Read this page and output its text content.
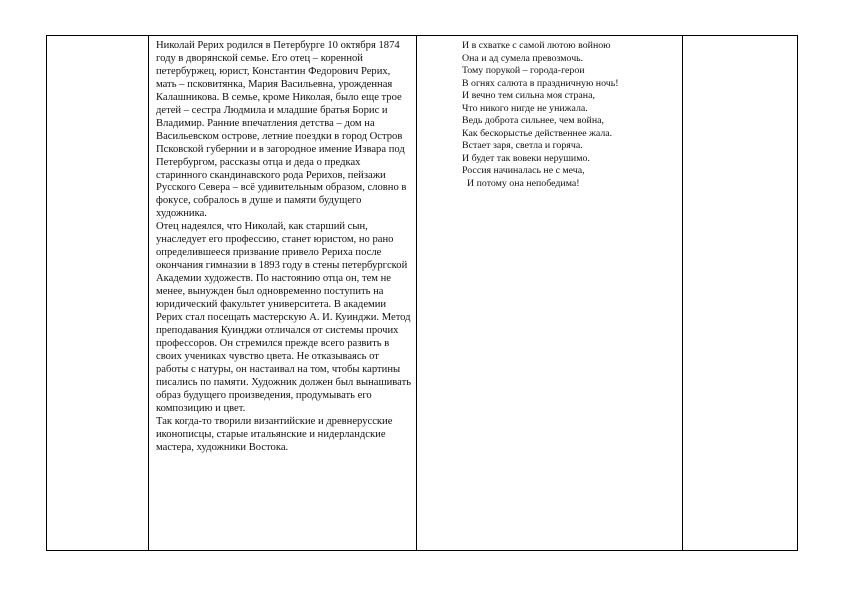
Николай Рерих родился в Петербурге 10 октября 1874 году в дворянской семье. Его отец – коренной петербуржец, юрист, Константин Федорович Рерих, мать – псковитянка, Мария Васильевна, урожденная Калашникова. В семье, кроме Николая, было еще трое детей – сестра Людмила и младшие братья Борис и Владимир. Ранние впечатления детства – дом на Васильевском острове, летние поездки в город Остров Псковской губернии и в загородное имение Извара под Петербургом, рассказы отца и деда о предках старинного скандинавского рода Рерихов, пейзажи Русского Севера – всё удивительным образом, словно в фокусе, собралось в душе и памяти будущего художника.

Отец надеялся, что Николай, как старший сын, унаследует его профессию, станет юристом, но рано определившееся призвание привело Рериха после окончания гимназии в 1893 году в стены петербургской Академии художеств. По настоянию отца он, тем не менее, вынужден был одновременно поступить на юридический факультет университета. В академии Рерих стал посещать мастерскую А. И. Куинджи. Метод преподавания Куинджи отличался от системы прочих профессоров. Он стремился прежде всего развить в своих учениках чувство цвета. Не отказываясь от работы с натуры, он настаивал на том, чтобы картины писались по памяти. Художник должен был вынашивать образ будущего произведения, продумывать его композицию и цвет.

Так когда-то творили византийские и древнерусские иконописцы, старые итальянские и нидерландские мастера, художники Востока.

И в схватке с самой лютою войною
Она и ад сумела превозмочь.
Тому порукой – города-герои
В огнях салюта в праздничную ночь!
И вечно тем сильна моя страна,
Что никого нигде не унижала.
Ведь доброта сильнее, чем война,
Как бескорыстье действеннее жала.
Встает заря, светла и горяча.
И будет так вовеки нерушимо.
Россия начиналась не с меча,
И потому она непобедима!
